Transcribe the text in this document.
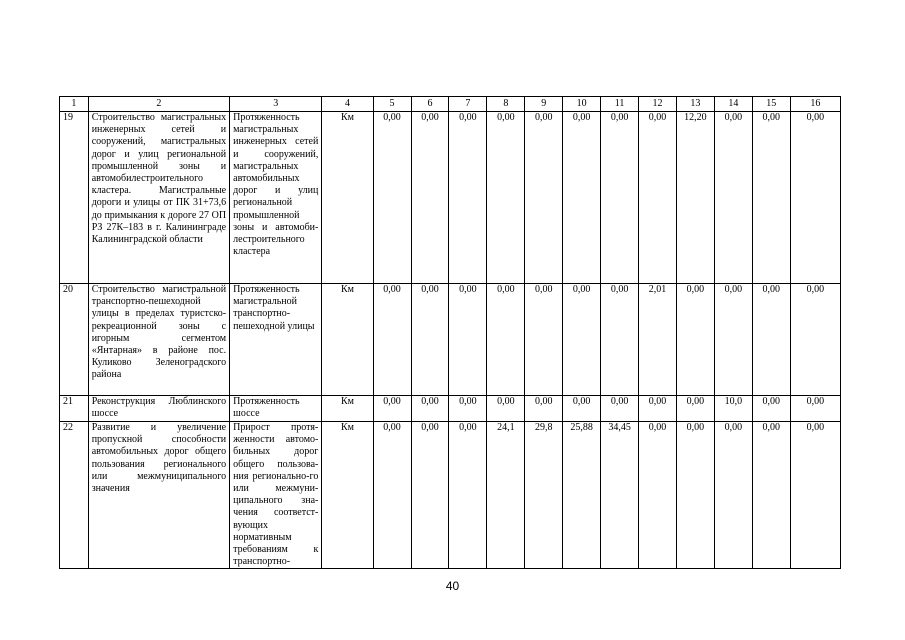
1	2	3	4	5	6	7	8	9	10	11	12	13	14	15	16
19	Строительство магистральных инженерных сетей и сооружений, магистральных дорог и улиц региональной промышленной зоны и автомобилестроительного кластера. Магистральные дороги и улицы от ПК 31+73,6 до примыкания к дороге 27 ОП РЗ 27К–183 в г. Калининграде Калининградской области	Протяженность магистральных инженерных сетей и сооружений, магистральных автомобильных дорог и улиц региональной промышленной зоны и автомоби-лестроительного кластера	Км	0,00	0,00	0,00	0,00	0,00	0,00	0,00	0,00	12,20	0,00	0,00	0,00
20	Строительство магистральной транспортно-пешеходной улицы в пределах туристско-рекреационной зоны с игорным сегментом «Янтарная» в районе пос. Куликово Зеленоградского района	Протяженность магистральной транспортно-пешеходной улицы	Км	0,00	0,00	0,00	0,00	0,00	0,00	0,00	2,01	0,00	0,00	0,00	0,00
21	Реконструкция Люблинского шоссе	Протяженность шоссе	Км	0,00	0,00	0,00	0,00	0,00	0,00	0,00	0,00	0,00	10,0	0,00	0,00
22	Развитие и увеличение пропускной способности автомобильных дорог общего пользования регионального или межмуниципального значения	Прирост протя-женности автомо-бильных дорог общего пользова-ния регионально-го или межмуни-ципального зна-чения соответст-вующих нормативным требованиям к транспортно-	Км	0,00	0,00	0,00	24,1	29,8	25,88	34,45	0,00	0,00	0,00	0,00	0,00
40
